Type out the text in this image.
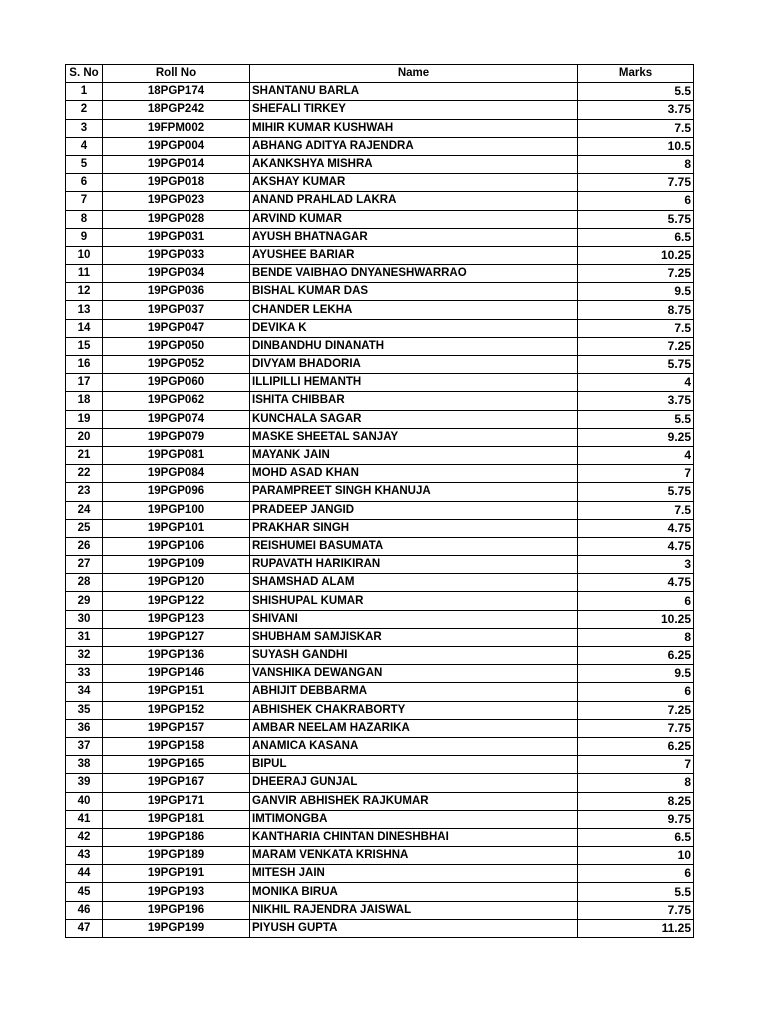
S. No	Roll No	Name	Marks
1	18PGP174	SHANTANU BARLA	5.5
2	18PGP242	SHEFALI TIRKEY	3.75
3	19FPM002	MIHIR KUMAR KUSHWAH	7.5
4	19PGP004	ABHANG ADITYA RAJENDRA	10.5
5	19PGP014	AKANKSHYA MISHRA	8
6	19PGP018	AKSHAY KUMAR	7.75
7	19PGP023	ANAND PRAHLAD LAKRA	6
8	19PGP028	ARVIND KUMAR	5.75
9	19PGP031	AYUSH BHATNAGAR	6.5
10	19PGP033	AYUSHEE BARIAR	10.25
11	19PGP034	BENDE VAIBHAO DNYANESHWARRAO	7.25
12	19PGP036	BISHAL KUMAR DAS	9.5
13	19PGP037	CHANDER LEKHA	8.75
14	19PGP047	DEVIKA K	7.5
15	19PGP050	DINBANDHU DINANATH	7.25
16	19PGP052	DIVYAM BHADORIA	5.75
17	19PGP060	ILLIPILLI HEMANTH	4
18	19PGP062	ISHITA CHIBBAR	3.75
19	19PGP074	KUNCHALA SAGAR	5.5
20	19PGP079	MASKE SHEETAL SANJAY	9.25
21	19PGP081	MAYANK JAIN	4
22	19PGP084	MOHD ASAD KHAN	7
23	19PGP096	PARAMPREET SINGH KHANUJA	5.75
24	19PGP100	PRADEEP JANGID	7.5
25	19PGP101	PRAKHAR SINGH	4.75
26	19PGP106	REISHUMEI BASUMATA	4.75
27	19PGP109	RUPAVATH HARIKIRAN	3
28	19PGP120	SHAMSHAD ALAM	4.75
29	19PGP122	SHISHUPAL KUMAR	6
30	19PGP123	SHIVANI	10.25
31	19PGP127	SHUBHAM SAMJISKAR	8
32	19PGP136	SUYASH GANDHI	6.25
33	19PGP146	VANSHIKA DEWANGAN	9.5
34	19PGP151	ABHIJIT DEBBARMA	6
35	19PGP152	ABHISHEK CHAKRABORTY	7.25
36	19PGP157	AMBAR NEELAM HAZARIKA	7.75
37	19PGP158	ANAMICA KASANA	6.25
38	19PGP165	BIPUL	7
39	19PGP167	DHEERAJ GUNJAL	8
40	19PGP171	GANVIR ABHISHEK RAJKUMAR	8.25
41	19PGP181	IMTIMONGBA	9.75
42	19PGP186	KANTHARIA CHINTAN DINESHBHAI	6.5
43	19PGP189	MARAM VENKATA KRISHNA	10
44	19PGP191	MITESH JAIN	6
45	19PGP193	MONIKA BIRUA	5.5
46	19PGP196	NIKHIL RAJENDRA JAISWAL	7.75
47	19PGP199	PIYUSH GUPTA	11.25
